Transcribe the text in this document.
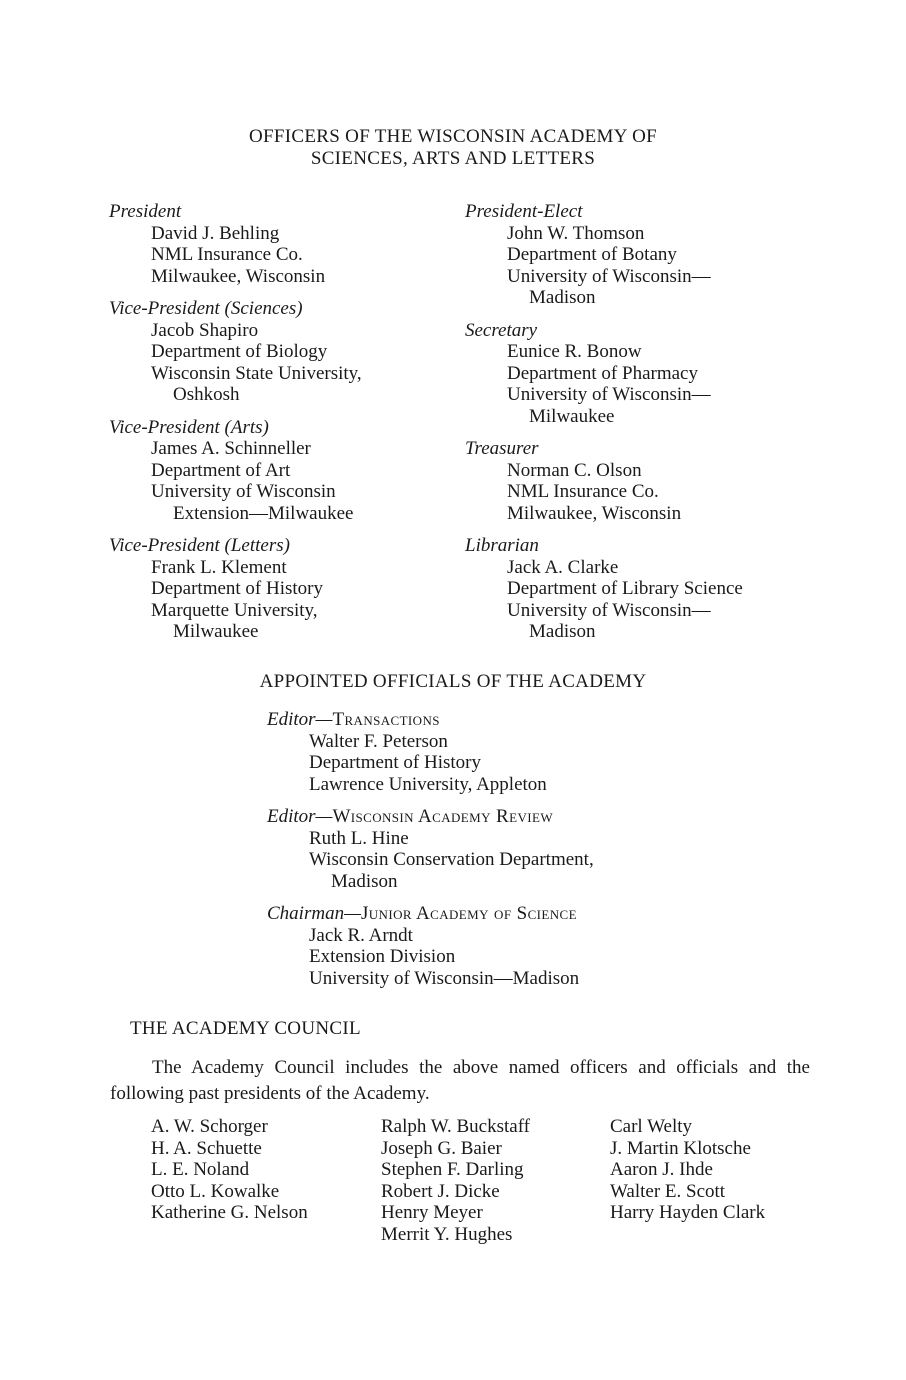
OFFICERS OF THE WISCONSIN ACADEMY OF
SCIENCES, ARTS AND LETTERS
President
David J. Behling
NML Insurance Co.
Milwaukee, Wisconsin
Vice-President (Sciences)
Jacob Shapiro
Department of Biology
Wisconsin State University,
Oshkosh
Vice-President (Arts)
James A. Schinneller
Department of Art
University of Wisconsin
Extension—Milwaukee
Vice-President (Letters)
Frank L. Klement
Department of History
Marquette University,
Milwaukee
President-Elect
John W. Thomson
Department of Botany
University of Wisconsin—
Madison
Secretary
Eunice R. Bonow
Department of Pharmacy
University of Wisconsin—
Milwaukee
Treasurer
Norman C. Olson
NML Insurance Co.
Milwaukee, Wisconsin
Librarian
Jack A. Clarke
Department of Library Science
University of Wisconsin—
Madison
APPOINTED OFFICIALS OF THE ACADEMY
Editor—Transactions
Walter F. Peterson
Department of History
Lawrence University, Appleton
Editor—Wisconsin Academy Review
Ruth L. Hine
Wisconsin Conservation Department,
Madison
Chairman—Junior Academy of Science
Jack R. Arndt
Extension Division
University of Wisconsin—Madison
THE ACADEMY COUNCIL
The Academy Council includes the above named officers and officials and the following past presidents of the Academy.
A. W. Schorger
H. A. Schuette
L. E. Noland
Otto L. Kowalke
Katherine G. Nelson
Ralph W. Buckstaff
Joseph G. Baier
Stephen F. Darling
Robert J. Dicke
Henry Meyer
Merrit Y. Hughes
Carl Welty
J. Martin Klotsche
Aaron J. Ihde
Walter E. Scott
Harry Hayden Clark
